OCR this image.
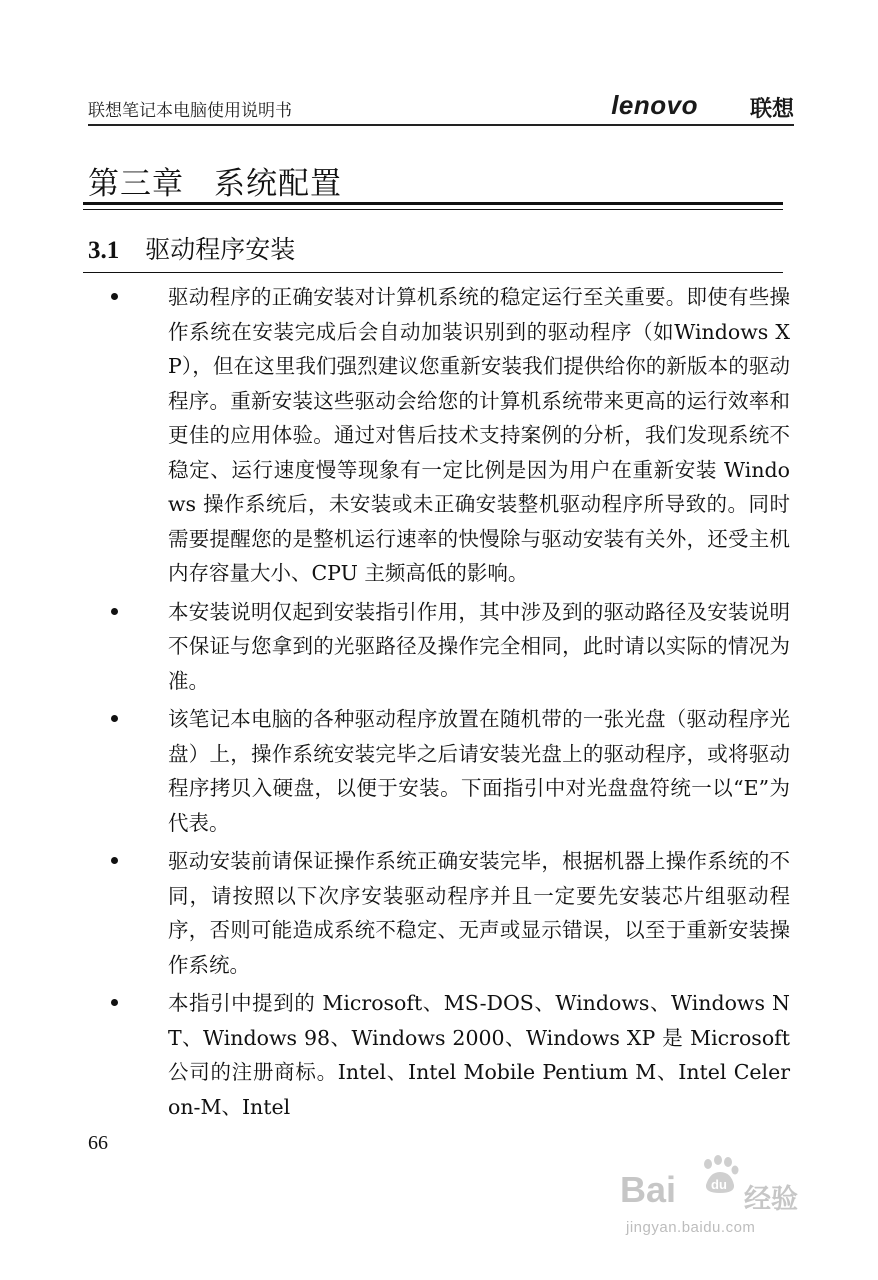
联想笔记本电脑使用说明书	lenovo 联想
第三章 系统配置
3.1 驱动程序安装
驱动程序的正确安装对计算机系统的稳定运行至关重要。即使有些操作系统在安装完成后会自动加装识别到的驱动程序（如Windows XP），但在这里我们强烈建议您重新安装我们提供给你的新版本的驱动程序。重新安装这些驱动会给您的计算机系统带来更高的运行效率和更佳的应用体验。通过对售后技术支持案例的分析，我们发现系统不稳定、运行速度慢等现象有一定比例是因为用户在重新安装 Windows 操作系统后，未安装或未正确安装整机驱动程序所导致的。同时需要提醒您的是整机运行速率的快慢除与驱动安装有关外，还受主机内存容量大小、CPU 主频高低的影响。
本安装说明仅起到安装指引作用，其中涉及到的驱动路径及安装说明不保证与您拿到的光驱路径及操作完全相同，此时请以实际的情况为准。
该笔记本电脑的各种驱动程序放置在随机带的一张光盘（驱动程序光盘）上，操作系统安装完毕之后请安装光盘上的驱动程序，或将驱动程序拷贝入硬盘，以便于安装。下面指引中对光盘盘符统一以“E”为代表。
驱动安装前请保证操作系统正确安装完毕，根据机器上操作系统的不同，请按照以下次序安装驱动程序并且一定要先安装芯片组驱动程序，否则可能造成系统不稳定、无声或显示错误，以至于重新安装操作系统。
本指引中提到的 Microsoft、MS-DOS、Windows、Windows NT、Windows 98、Windows 2000、Windows XP 是 Microsoft 公司的注册商标。Intel、Intel Mobile Pentium M、Intel Celeron-M、Intel
66
Bai	du 经验
jingyan.baidu.com
